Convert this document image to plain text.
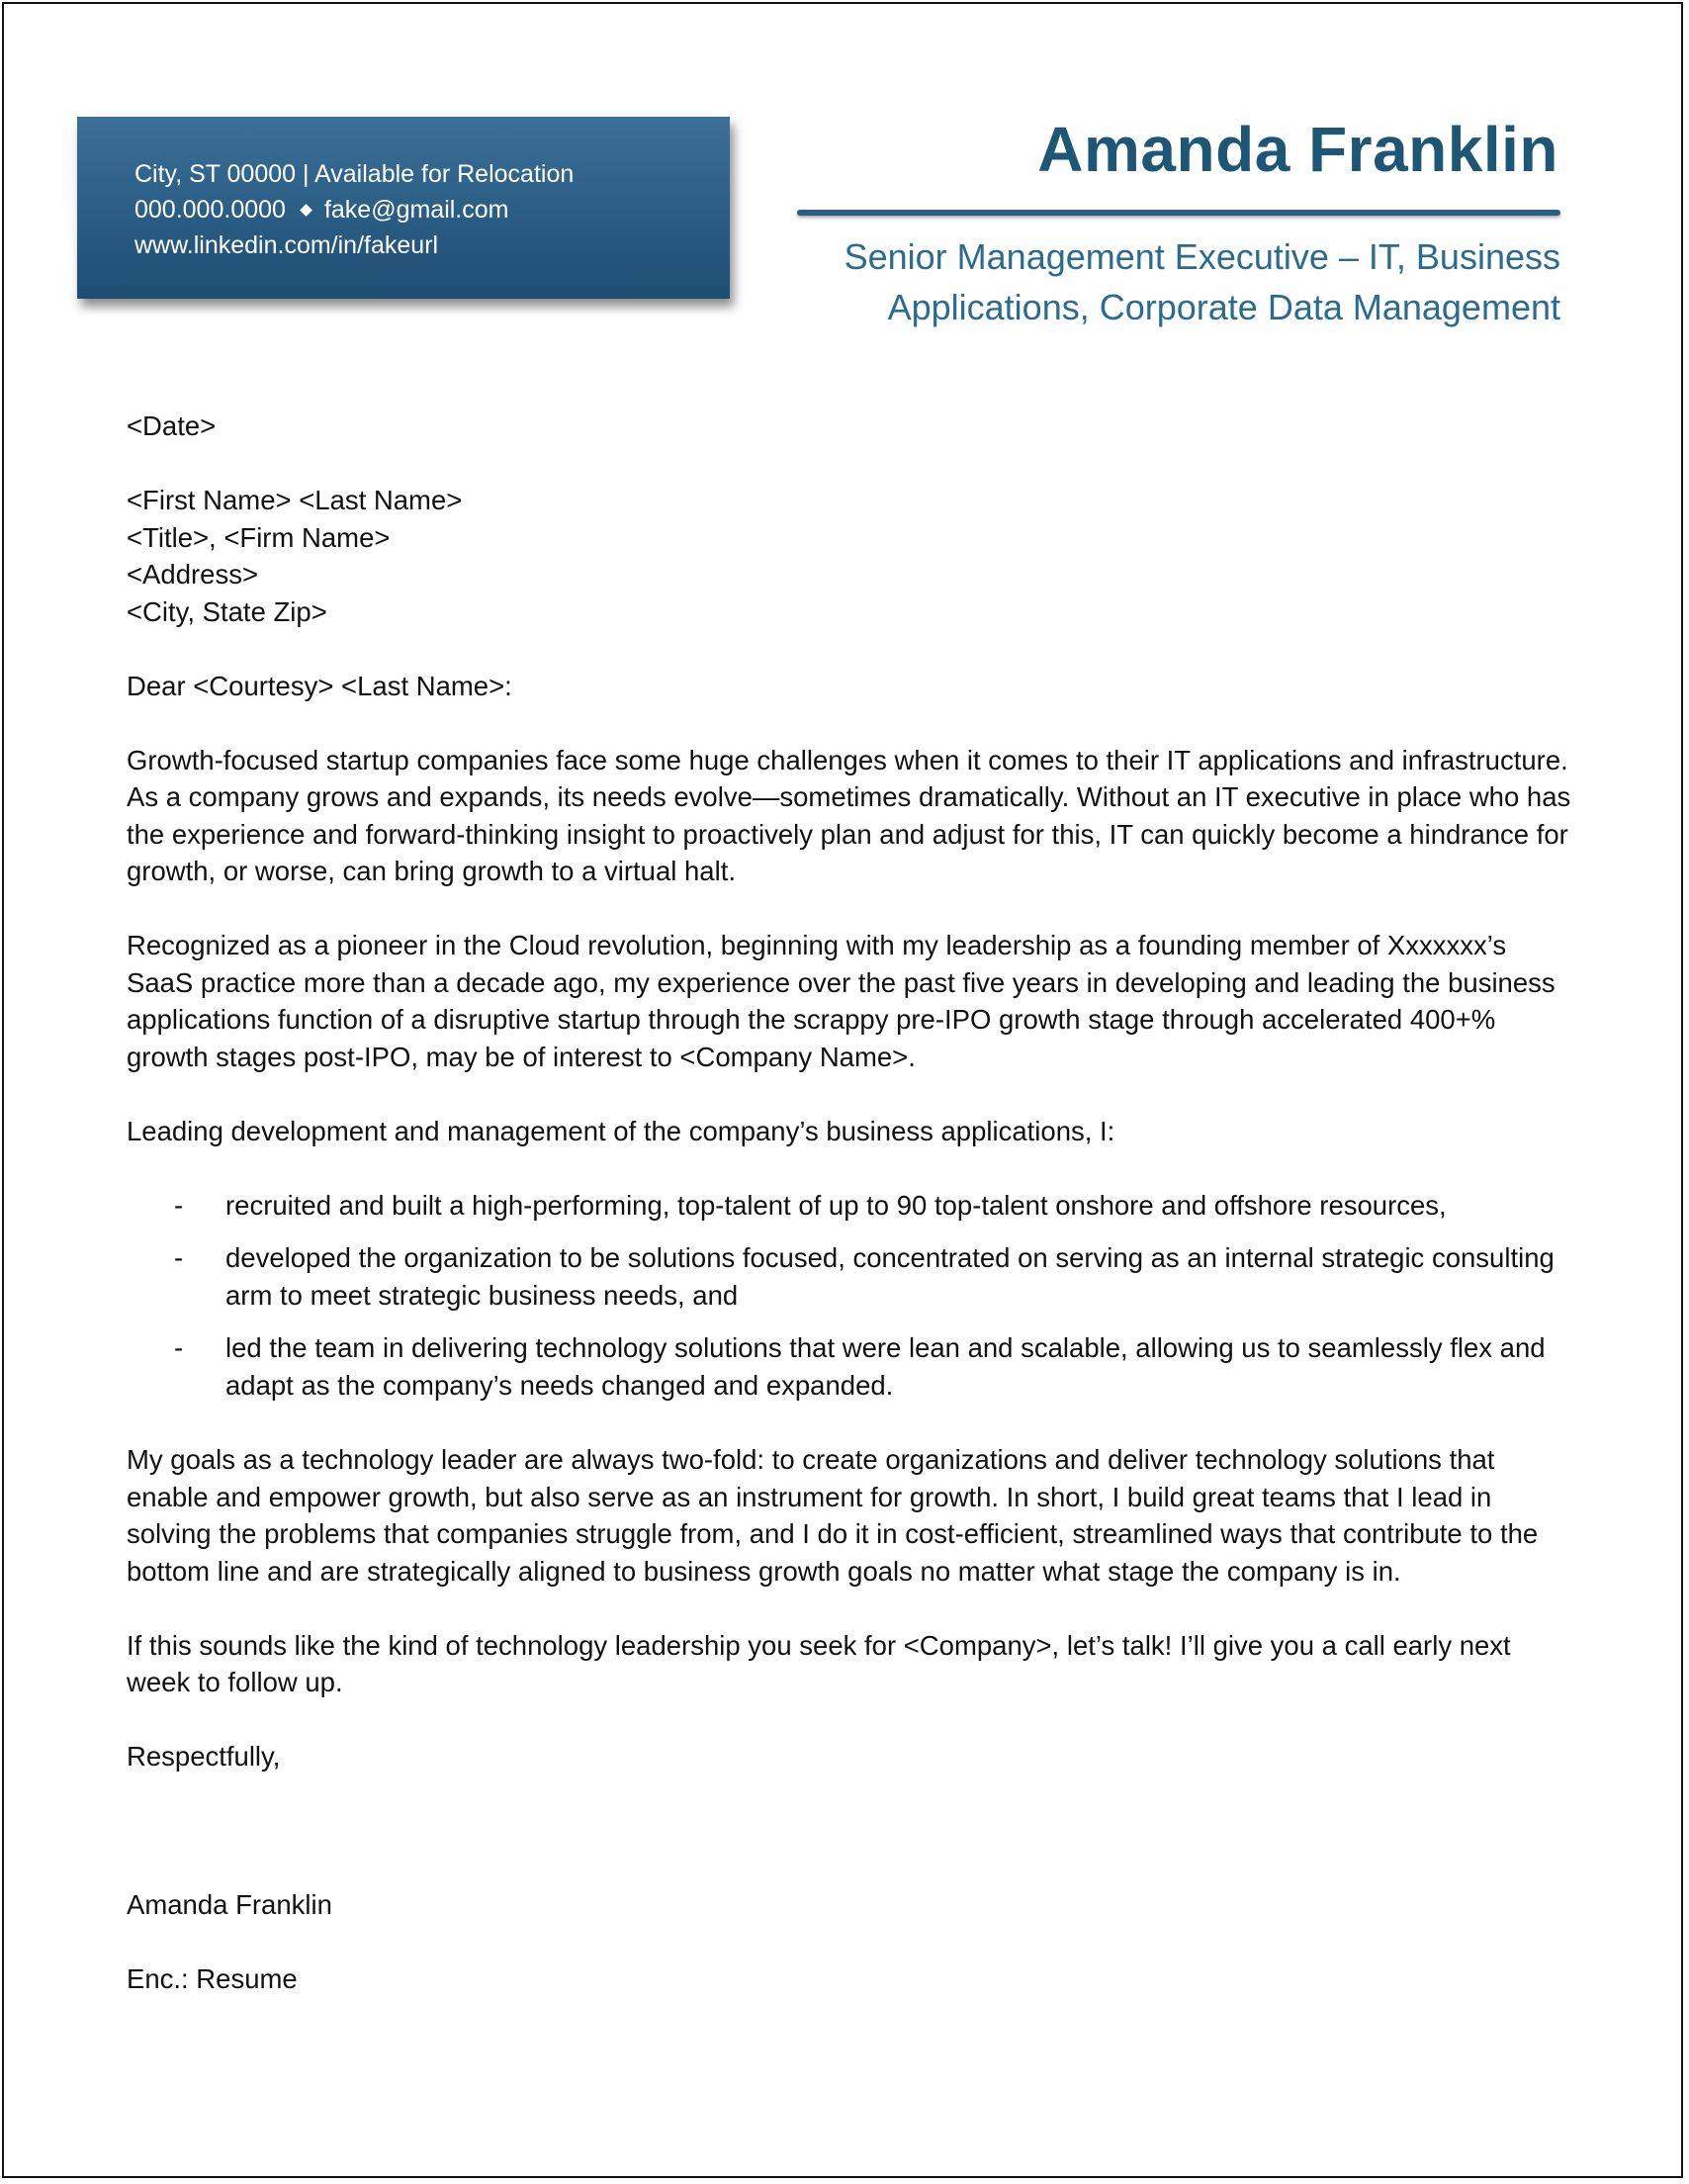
City, ST 00000 | Available for Relocation
000.000.0000 fake@gmail.com
www.linkedin.com/in/fakeurl
Amanda Franklin
Senior Management Executive – IT, Business
Applications, Corporate Data Management

<Date>

<First Name> <Last Name>

<Title>, <Firm Name>

<Address>

<City, State Zip>

Dear <Courtesy> <Last Name>:

Growth-focused startup companies face some huge challenges when it comes to their IT applications and infrastructure. As a company grows and expands, its needs evolve—sometimes dramatically. Without an IT executive in place who has the experience and forward-thinking insight to proactively plan and adjust for this, IT can quickly become a hindrance for growth, or worse, can bring growth to a virtual halt.

Recognized as a pioneer in the Cloud revolution, beginning with my leadership as a founding member of Xxxxxxx’s SaaS practice more than a decade ago, my experience over the past five years in developing and leading the business applications function of a disruptive startup through the scrappy pre-IPO growth stage through accelerated 400+% growth stages post-IPO, may be of interest to <Company Name>.

Leading development and management of the company’s business applications, I:

- recruited and built a high-performing, top-talent of up to 90 top-talent onshore and offshore resources,
- developed the organization to be solutions focused, concentrated on serving as an internal strategic consulting arm to meet strategic business needs, and
- led the team in delivering technology solutions that were lean and scalable, allowing us to seamlessly flex and adapt as the company’s needs changed and expanded.

My goals as a technology leader are always two-fold: to create organizations and deliver technology solutions that enable and empower growth, but also serve as an instrument for growth. In short, I build great teams that I lead in solving the problems that companies struggle from, and I do it in cost-efficient, streamlined ways that contribute to the bottom line and are strategically aligned to business growth goals no matter what stage the company is in.

If this sounds like the kind of technology leadership you seek for <Company>, let’s talk! I’ll give you a call early next week to follow up.

Respectfully,

Amanda Franklin

Enc.: Resume
